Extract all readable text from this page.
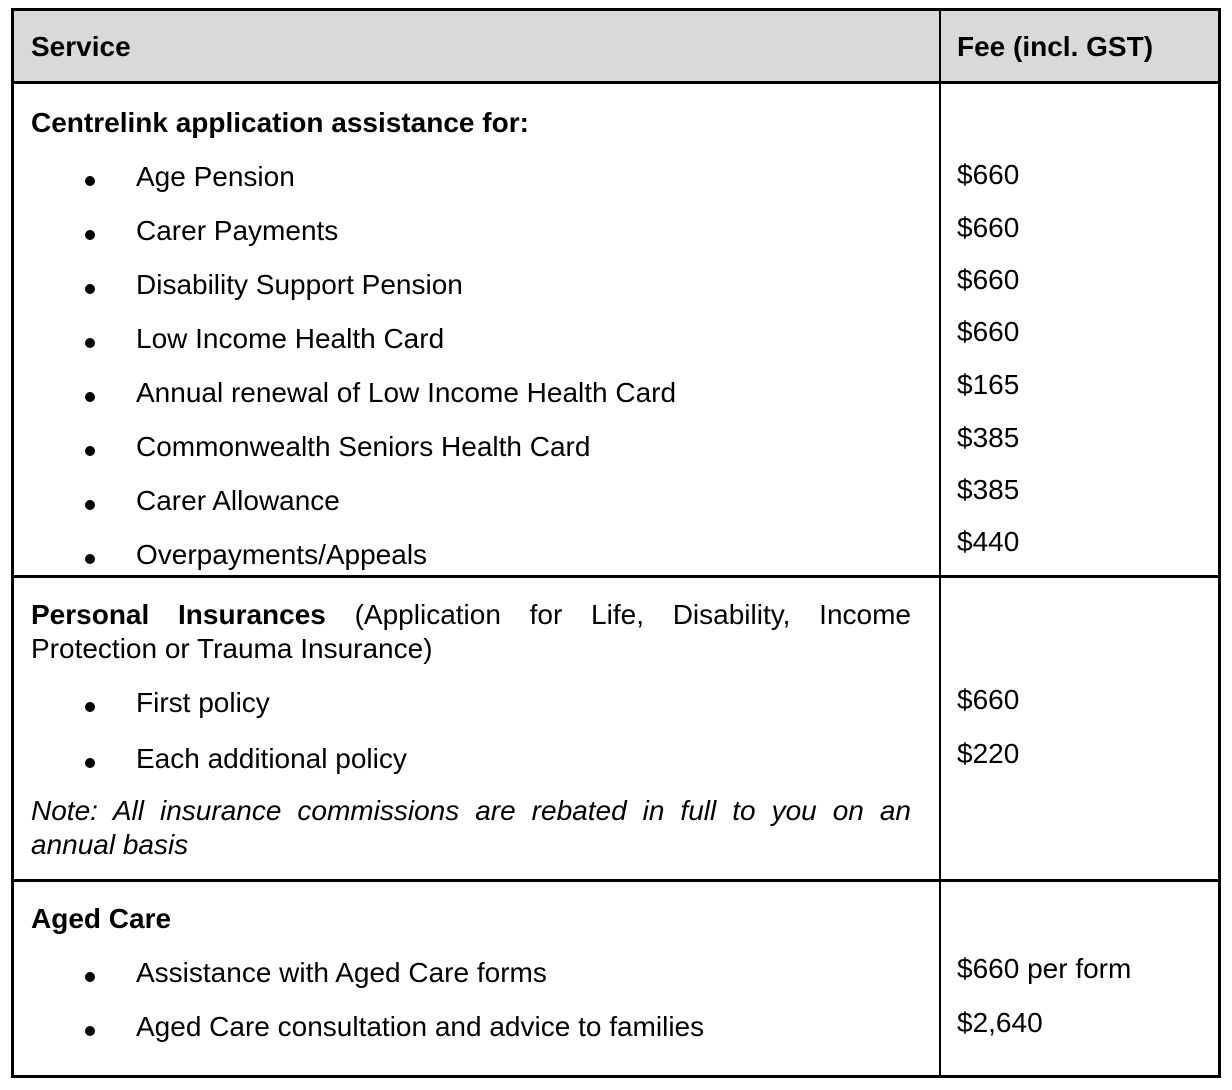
Service	Fee (incl. GST)
Centrelink application assistance for:
Age Pension	$660
Carer Payments	$660
Disability Support Pension	$660
Low Income Health Card	$660
Annual renewal of Low Income Health Card	$165
Commonwealth Seniors Health Card	$385
Carer Allowance	$385
Overpayments/Appeals	$440
Personal Insurances (Application for Life, Disability, Income Protection or Trauma Insurance)
First policy	$660
Each additional policy	$220
Note: All insurance commissions are rebated in full to you on an annual basis
Aged Care
Assistance with Aged Care forms	$660 per form
Aged Care consultation and advice to families	$2,640
